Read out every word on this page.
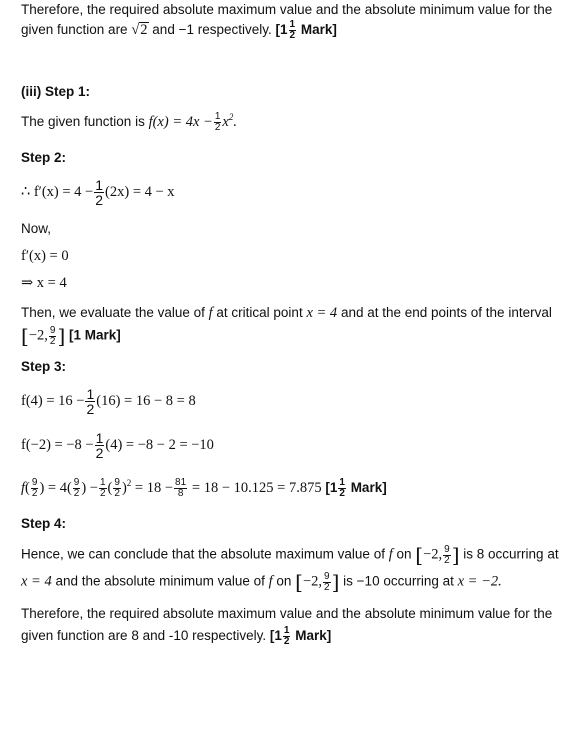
Therefore, the required absolute maximum value and the absolute minimum value for the
given function are √2 and −1 respectively. [$1 \frac{1}{2}$ Mark]
(iii) Step 1:
The given function is $f(x) = 4x - \frac{1}{2} x^2$.
Step 2:
∴ $f'(x) = 4 - \frac{1}{2} (2x) = 4 - x$
Now,
f′(x) = 0
⇒ x = 4
Then, we evaluate the value of f at critical point x = 4 and at the end points of the interval
[−2, $\frac{9}{2}$ ] [1 Mark]
Step 3:
$f(4) = 16 - \frac{1}{2} (16) = 16 - 8 = 8$
$f(-2) = -8 - \frac{1}{2} (4) = -8 - 2 = -10$
$f( \frac{9}{2}$ ) = $4( \frac{9}{2}$ ) − $\frac{1}{2}$ ( $\frac{9}{2} )^2 = 18 - \frac{81}{8} = 18 - 10.125 = 7.875$ [$1 \frac{1}{2}$ Mark]
Step 4:
Hence, we can conclude that the absolute maximum value of f on [−2, $\frac{9}{2}$ ] is 8 occurring at
x = 4 and the absolute minimum value of f on [−2, $\frac{9}{2}$ ] is −10 occurring at x = −2.
Therefore, the required absolute maximum value and the absolute minimum value for the
given function are 8 and -10 respectively. [$1 \frac{1}{2}$ Mark]
